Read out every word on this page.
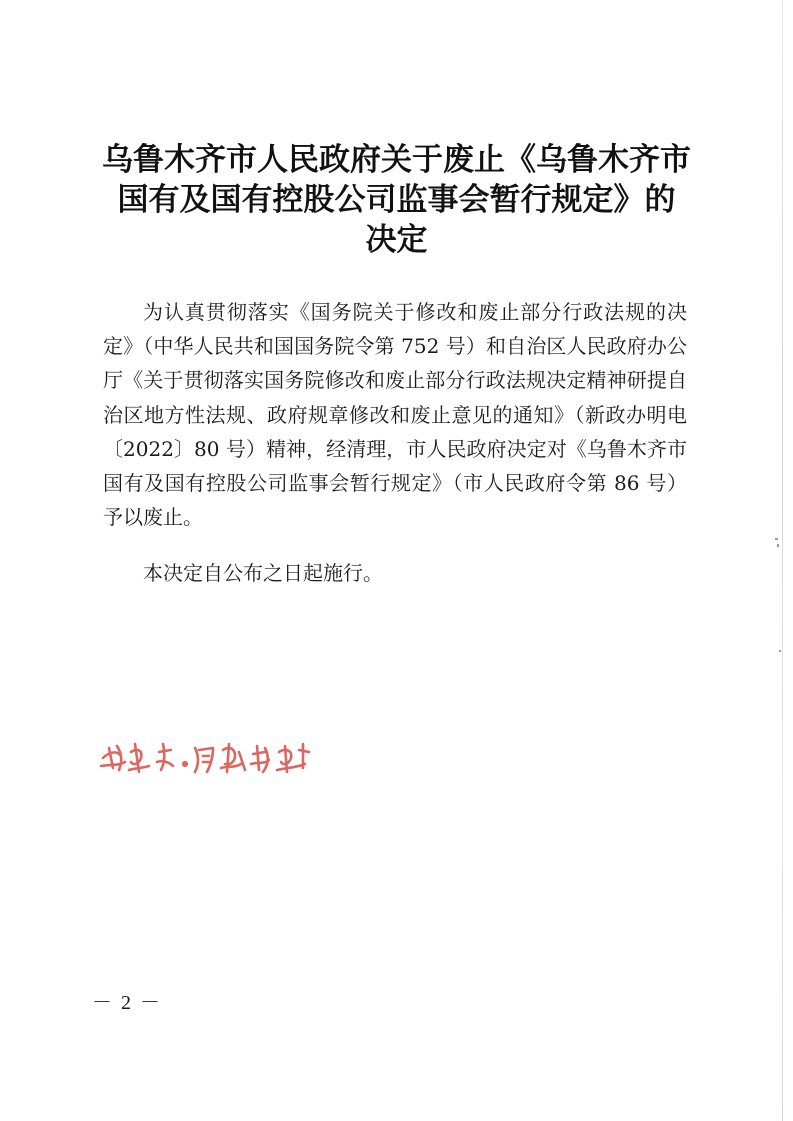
乌鲁木齐市人民政府关于废止《乌鲁木齐市
国有及国有控股公司监事会暂行规定》的
决定

为认真贯彻落实《国务院关于修改和废止部分行政法规的决定》（中华人民共和国国务院令第 752 号）和自治区人民政府办公厅《关于贯彻落实国务院修改和废止部分行政法规决定精神研提自治区地方性法规、政府规章修改和废止意见的通知》（新政办明电〔2022〕80 号）精神，经清理，市人民政府决定对《乌鲁木齐市国有及国有控股公司监事会暂行规定》（市人民政府令第 86 号）予以废止。

本决定自公布之日起施行。

－ 2 －
